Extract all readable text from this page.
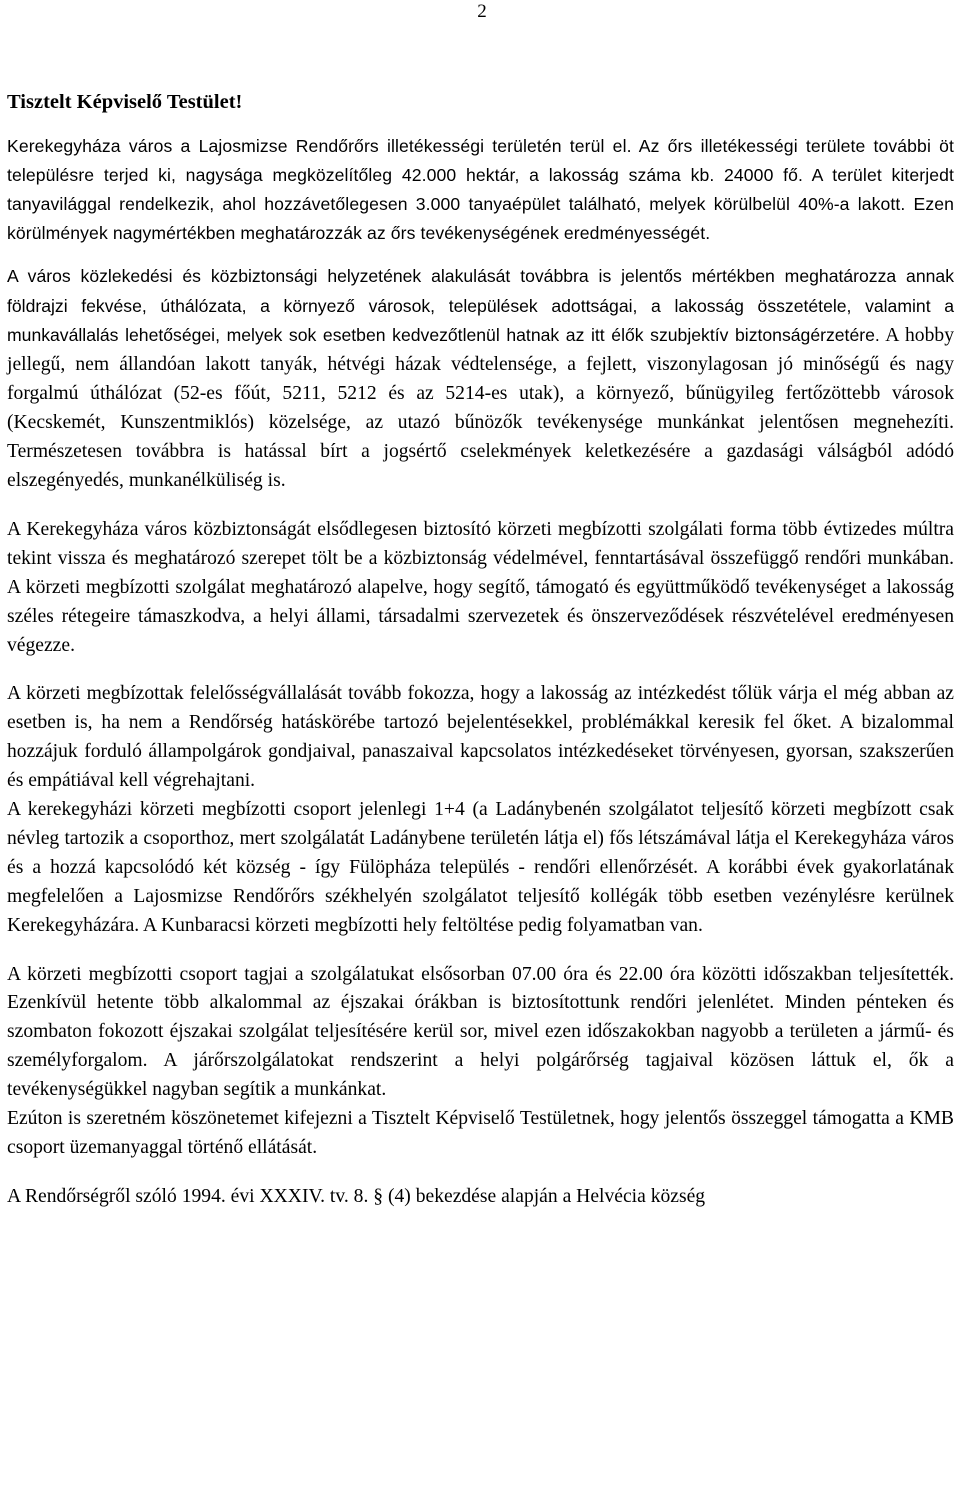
2
Tisztelt Képviselő Testület!

Kerekegyháza város a Lajosmizse Rendőrőrs illetékességi területén terül el. Az őrs illetékességi területe további öt településre terjed ki, nagysága megközelítőleg 42.000 hektár, a lakosság száma kb. 24000 fő. A terület kiterjedt tanyavilággal rendelkezik, ahol hozzávetőlegesen 3.000 tanyaépület található, melyek körülbelül 40%-a lakott. Ezen körülmények nagymértékben meghatározzák az őrs tevékenységének eredményességét.

A város közlekedési és közbiztonsági helyzetének alakulását továbbra is jelentős mértékben meghatározza annak földrajzi fekvése, úthálózata, a környező városok, települések adottságai, a lakosság összetétele, valamint a munkavállalás lehetőségei, melyek sok esetben kedvezőtlenül hatnak az itt élők szubjektív biztonságérzetére. A hobby jellegű, nem állandóan lakott tanyák, hétvégi házak védtelensége, a fejlett, viszonylagosan jó minőségű és nagy forgalmú úthálózat (52-es főút, 5211, 5212 és az 5214-es utak), a környező, bűnügyileg fertőzöttebb városok (Kecskemét, Kunszentmiklós) közelsége, az utazó bűnözők tevékenysége munkánkat jelentősen megnehezíti. Természetesen továbbra is hatással bírt a jogsértő cselekmények keletkezésére a gazdasági válságból adódó elszegényedés, munkanélküliség is.

A Kerekegyháza város közbiztonságát elsődlegesen biztosító körzeti megbízotti szolgálati forma több évtizedes múltra tekint vissza és meghatározó szerepet tölt be a közbiztonság védelmével, fenntartásával összefüggő rendőri munkában. A körzeti megbízotti szolgálat meghatározó alapelve, hogy segítő, támogató és együttműködő tevékenységet a lakosság széles rétegeire támaszkodva, a helyi állami, társadalmi szervezetek és önszerveződések részvételével eredményesen végezze.

A körzeti megbízottak felelősségvállalását tovább fokozza, hogy a lakosság az intézkedést tőlük várja el még abban az esetben is, ha nem a Rendőrség hatáskörébe tartozó bejelentésekkel, problémákkal keresik fel őket. A bizalommal hozzájuk forduló állampolgárok gondjaival, panaszaival kapcsolatos intézkedéseket törvényesen, gyorsan, szakszerűen és empátiával kell végrehajtani.

A kerekegyházi körzeti megbízotti csoport jelenlegi 1+4 (a Ladánybenén szolgálatot teljesítő körzeti megbízott csak névleg tartozik a csoporthoz, mert szolgálatát Ladánybene területén látja el) fős létszámával látja el Kerekegyháza város és a hozzá kapcsolódó két község - így Fülöpháza település - rendőri ellenőrzését. A korábbi évek gyakorlatának megfelelően a Lajosmizse Rendőrőrs székhelyén szolgálatot teljesítő kollégák több esetben vezénylésre kerülnek Kerekegyházára. A Kunbaracsi körzeti megbízotti hely feltöltése pedig folyamatban van.

A körzeti megbízotti csoport tagjai a szolgálatukat elsősorban 07.00 óra és 22.00 óra közötti időszakban teljesítették. Ezenkívül hetente több alkalommal az éjszakai órákban is biztosítottunk rendőri jelenlétet. Minden pénteken és szombaton fokozott éjszakai szolgálat teljesítésére kerül sor, mivel ezen időszakokban nagyobb a területen a jármű- és személyforgalom. A járőrszolgálatokat rendszerint a helyi polgárőrség tagjaival közösen láttuk el, ők a tevékenységükkel nagyban segítik a munkánkat.

Ezúton is szeretném köszönetemet kifejezni a Tisztelt Képviselő Testületnek, hogy jelentős összeggel támogatta a KMB csoport üzemanyaggal történő ellátását.

A Rendőrségről szóló 1994. évi XXXIV. tv. 8. § (4) bekezdése alapján a Helvécia község
